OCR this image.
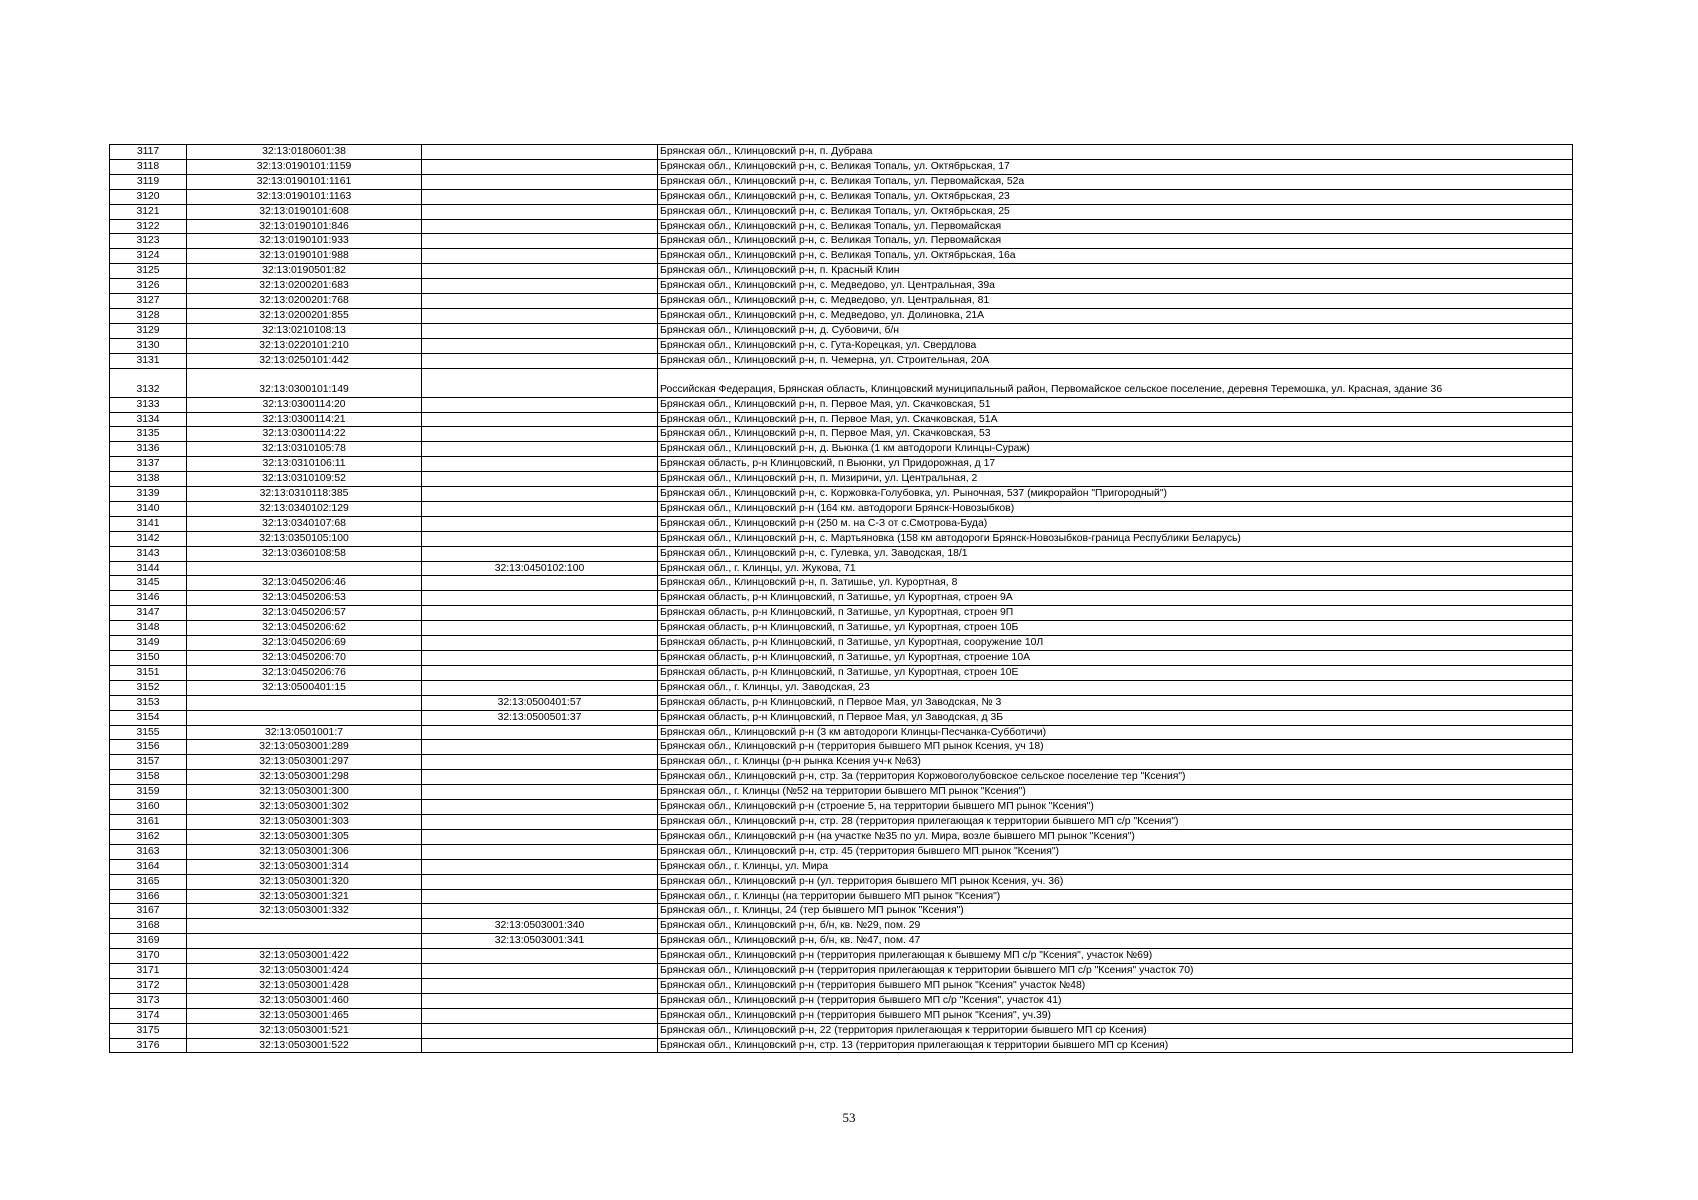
3117	32:13:0180601:38		Брянская обл., Клинцовский р-н, п. Дубрава
3118	32:13:0190101:1159		Брянская обл., Клинцовский р-н, с. Великая Топаль, ул. Октябрьская, 17
3119	32:13:0190101:1161		Брянская обл., Клинцовский р-н, с. Великая Топаль, ул. Первомайская, 52а
3120	32:13:0190101:1163		Брянская обл., Клинцовский р-н, с. Великая Топаль, ул. Октябрьская, 23
3121	32:13:0190101:608		Брянская обл., Клинцовский р-н, с. Великая Топаль, ул. Октябрьская, 25
3122	32:13:0190101:846		Брянская обл., Клинцовский р-н, с. Великая Топаль, ул. Первомайская
3123	32:13:0190101:933		Брянская обл., Клинцовский р-н, с. Великая Топаль, ул. Первомайская
3124	32:13:0190101:988		Брянская обл., Клинцовский р-н, с. Великая Топаль, ул. Октябрьская, 16а
3125	32:13:0190501:82		Брянская обл., Клинцовский р-н, п. Красный Клин
3126	32:13:0200201:683		Брянская обл., Клинцовский р-н, с. Медведово, ул. Центральная, 39а
3127	32:13:0200201:768		Брянская обл., Клинцовский р-н, с. Медведово, ул. Центральная, 81
3128	32:13:0200201:855		Брянская обл., Клинцовский р-н, с. Медведово, ул. Долиновка, 21А
3129	32:13:0210108:13		Брянская обл., Клинцовский р-н, д. Субовичи, б/н
3130	32:13:0220101:210		Брянская обл., Клинцовский р-н, с. Гута-Корецкая, ул. Свердлова
3131	32:13:0250101:442		Брянская обл., Клинцовский р-н, п. Чемерна, ул. Строительная, 20А
3132	32:13:0300101:149		Российская Федерация, Брянская область, Клинцовский муниципальный район, Первомайское сельское поселение, деревня Теремошка, ул. Красная, здание 36
3133	32:13:0300114:20		Брянская обл., Клинцовский р-н, п. Первое Мая, ул. Скачковская, 51
3134	32:13:0300114:21		Брянская обл., Клинцовский р-н, п. Первое Мая, ул. Скачковская, 51А
3135	32:13:0300114:22		Брянская обл., Клинцовский р-н, п. Первое Мая, ул. Скачковская, 53
3136	32:13:0310105:78		Брянская обл., Клинцовский р-н, д. Вьюнка (1 км автодороги Клинцы-Сураж)
3137	32:13:0310106:11		Брянская область, р-н Клинцовский, п Вьюнки, ул Придорожная, д 17
3138	32:13:0310109:52		Брянская обл., Клинцовский р-н, п. Мизиричи, ул. Центральная, 2
3139	32:13:0310118:385		Брянская обл., Клинцовский р-н, с. Коржовка-Голубовка, ул. Рыночная, 537 (микрорайон "Пригородный")
3140	32:13:0340102:129		Брянская обл., Клинцовский р-н (164 км. автодороги Брянск-Новозыбков)
3141	32:13:0340107:68		Брянская обл., Клинцовский р-н (250 м. на С-З от с.Смотрова-Буда)
3142	32:13:0350105:100		Брянская обл., Клинцовский р-н, с. Мартьяновка (158 км автодороги Брянск-Новозыбков-граница Республики Беларусь)
3143	32:13:0360108:58		Брянская обл., Клинцовский р-н, с. Гулевка, ул. Заводская, 18/1
3144		32:13:0450102:100	Брянская обл., г. Клинцы, ул. Жукова, 71
3145	32:13:0450206:46		Брянская обл., Клинцовский р-н, п. Затишье, ул. Курортная, 8
3146	32:13:0450206:53		Брянская область, р-н Клинцовский, п Затишье, ул Курортная, строен 9А
3147	32:13:0450206:57		Брянская область, р-н Клинцовский, п Затишье, ул Курортная, строен 9П
3148	32:13:0450206:62		Брянская область, р-н Клинцовский, п Затишье, ул Курортная, строен 10Б
3149	32:13:0450206:69		Брянская область, р-н Клинцовский, п Затишье, ул Курортная, сооружение 10Л
3150	32:13:0450206:70		Брянская область, р-н Клинцовский, п Затишье, ул Курортная, строение 10А
3151	32:13:0450206:76		Брянская область, р-н Клинцовский, п Затишье, ул Курортная, строен 10Е
3152	32:13:0500401:15		Брянская обл., г. Клинцы, ул. Заводская, 23
3153		32:13:0500401:57	Брянская область, р-н Клинцовский, п Первое Мая, ул Заводская, № 3
3154		32:13:0500501:37	Брянская область, р-н Клинцовский, п Первое Мая, ул Заводская, д 3Б
3155	32:13:0501001:7		Брянская обл., Клинцовский р-н (3 км автодороги Клинцы-Песчанка-Субботичи)
3156	32:13:0503001:289		Брянская обл., Клинцовский р-н (территория бывшего МП рынок Ксения, уч 18)
3157	32:13:0503001:297		Брянская обл., г. Клинцы (р-н рынка Ксения уч-к №63)
3158	32:13:0503001:298		Брянская обл., Клинцовский р-н, стр. 3а (территория Коржовоголубовское сельское поселение тер "Ксения")
3159	32:13:0503001:300		Брянская обл., г. Клинцы (№52 на территории бывшего МП рынок "Ксения")
3160	32:13:0503001:302		Брянская обл., Клинцовский р-н (строение 5, на территории бывшего МП рынок "Ксения")
3161	32:13:0503001:303		Брянская обл., Клинцовский р-н, стр. 28 (территория прилегающая к территории бывшего МП с/р "Ксения")
3162	32:13:0503001:305		Брянская обл., Клинцовский р-н (на участке №35 по ул. Мира, возле бывшего МП рынок "Ксения")
3163	32:13:0503001:306		Брянская обл., Клинцовский р-н, стр. 45 (территория бывшего МП рынок "Ксения")
3164	32:13:0503001:314		Брянская обл., г. Клинцы, ул. Мира
3165	32:13:0503001:320		Брянская обл., Клинцовский р-н (ул. территория бывшего МП рынок Ксения, уч. 36)
3166	32:13:0503001:321		Брянская обл., г. Клинцы (на территории бывшего МП рынок "Ксения")
3167	32:13:0503001:332		Брянская обл., г. Клинцы, 24 (тер бывшего МП рынок "Ксения")
3168		32:13:0503001:340	Брянская обл., Клинцовский р-н, б/н, кв. №29, пом. 29
3169		32:13:0503001:341	Брянская обл., Клинцовский р-н, б/н, кв. №47, пом. 47
3170	32:13:0503001:422		Брянская обл., Клинцовский р-н (территория прилегающая к бывшему МП с/р "Ксения", участок №69)
3171	32:13:0503001:424		Брянская обл., Клинцовский р-н (территория прилегающая к территории бывшего МП с/р "Ксения" участок 70)
3172	32:13:0503001:428		Брянская обл., Клинцовский р-н (территория бывшего МП рынок "Ксения" участок №48)
3173	32:13:0503001:460		Брянская обл., Клинцовский р-н (территория бывшего МП с/р "Ксения", участок 41)
3174	32:13:0503001:465		Брянская обл., Клинцовский р-н (территория бывшего МП рынок "Ксения", уч.39)
3175	32:13:0503001:521		Брянская обл., Клинцовский р-н, 22 (территория прилегающая к территории бывшего МП ср Ксения)
3176	32:13:0503001:522		Брянская обл., Клинцовский р-н, стр. 13 (территория прилегающая к территории бывшего МП ср Ксения)
53
